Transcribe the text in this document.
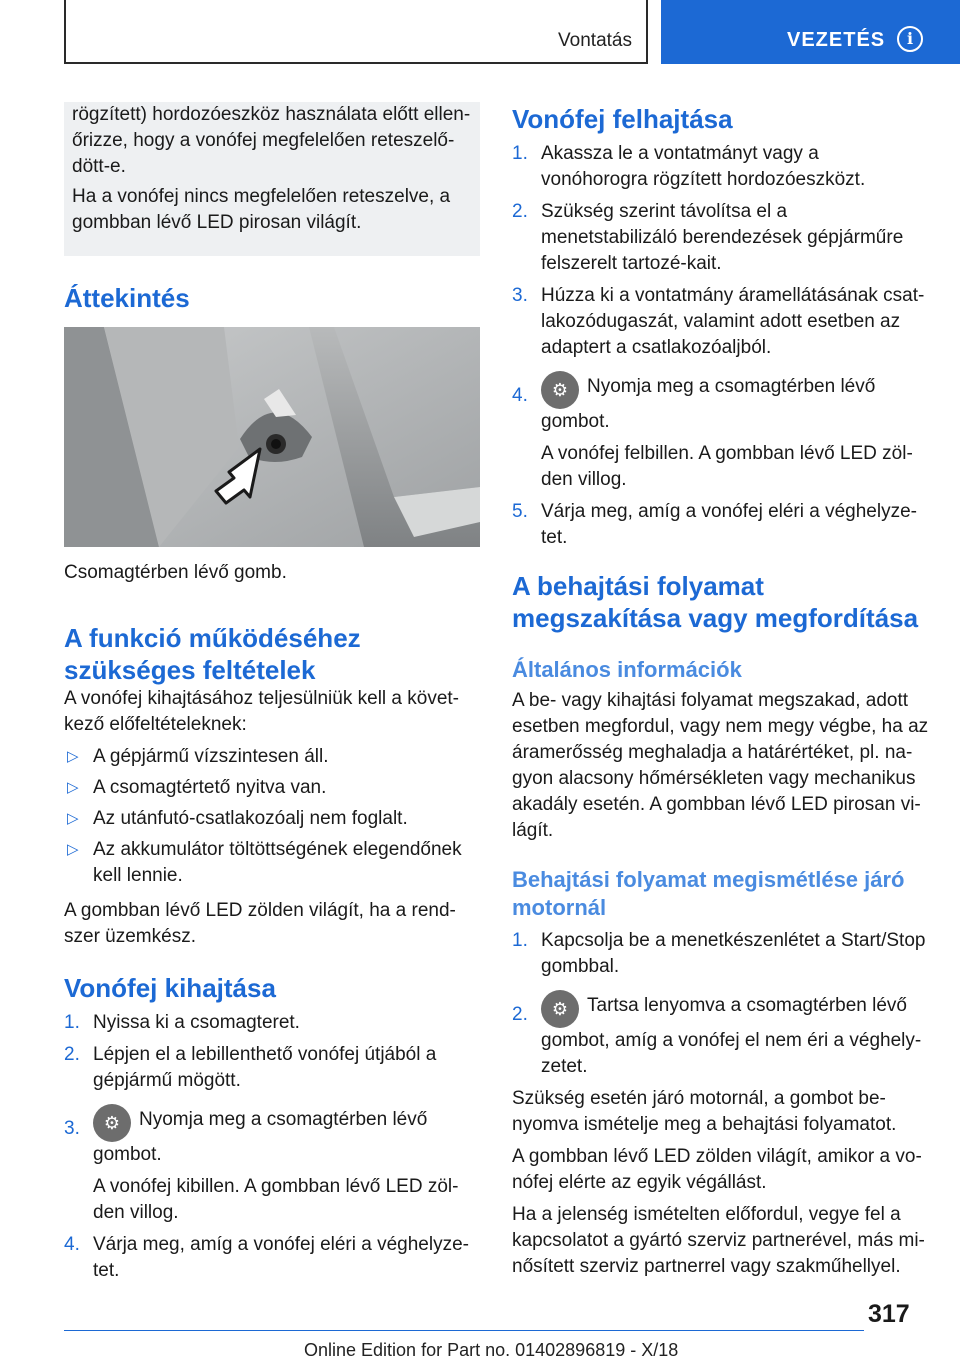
Vontatás	VEZETÉS	i

rögzített) hordozóeszköz használata előtt ellen-őrizze, hogy a vonófej megfelelően reteszelő-dött-e.

Ha a vonófej nincs megfelelően reteszelve, a gombban lévő LED pirosan világít.

Áttekintés
Csomagtérben lévő gomb.
A funkció működéséhez szükséges feltételek
A vonófej kihajtásához teljesülniük kell a követ-kező előfeltételeknek:
▷ A gépjármű vízszintesen áll.
▷ A csomagtértető nyitva van.
▷ Az utánfutó-csatlakozóalj nem foglalt.
▷ Az akkumulátor töltöttségének elegendőnek kell lennie.
A gombban lévő LED zölden világít, ha a rend-szer üzemkész.
Vonófej kihajtása
1. Nyissa ki a csomagteret.
2. Lépjen el a lebillenthető vonófej útjából a gépjármű mögött.
3. ⚙ Nyomja meg a csomagtérben lévő gombot.

A vonófej kibillen. A gombban lévő LED zöl-den villog.

4. Várja meg, amíg a vonófej eléri a véghelyze-tet.
Vonófej felhajtása
1. Akassza le a vontatmányt vagy a vonóhorogra rögzített hordozóeszközt.
2. Szükség szerint távolítsa el a menetstabilizáló berendezések gépjárműre felszerelt tartozé-kait.
3. Húzza ki a vontatmány áramellátásának csat-lakozódugaszát, valamint adott esetben az adaptert a csatlakozóaljból.
4. ⚙ Nyomja meg a csomagtérben lévő gombot.

A vonófej felbillen. A gombban lévő LED zöl-den villog.

5. Várja meg, amíg a vonófej eléri a véghelyze-tet.
A behajtási folyamat megszakítása vagy megfordítása
Általános információk
A be- vagy kihajtási folyamat megszakad, adott esetben megfordul, vagy nem megy végbe, ha az áramerősség meghaladja a határértéket, pl. na-gyon alacsony hőmérsékleten vagy mechanikus akadály esetén. A gombban lévő LED pirosan vi-lágít.
Behajtási folyamat megismétlése járó motornál
1. Kapcsolja be a menetkészenlétet a Start/Stop gombbal.
2. ⚙ Tartsa lenyomva a csomagtérben lévő gombot, amíg a vonófej el nem éri a véghely-zetet.
Szükség esetén járó motornál, a gombot be-nyomva ismételje meg a behajtási folyamatot.
A gombban lévő LED zölden világít, amikor a vo-nófej elérte az egyik végállást.
Ha a jelenség ismételten előfordul, vegye fel a kapcsolatot a gyártó szerviz partnerével, más mi-nősített szerviz partnerrel vagy szakműhellyel.
317
Online Edition for Part no. 01402896819 - X/18
